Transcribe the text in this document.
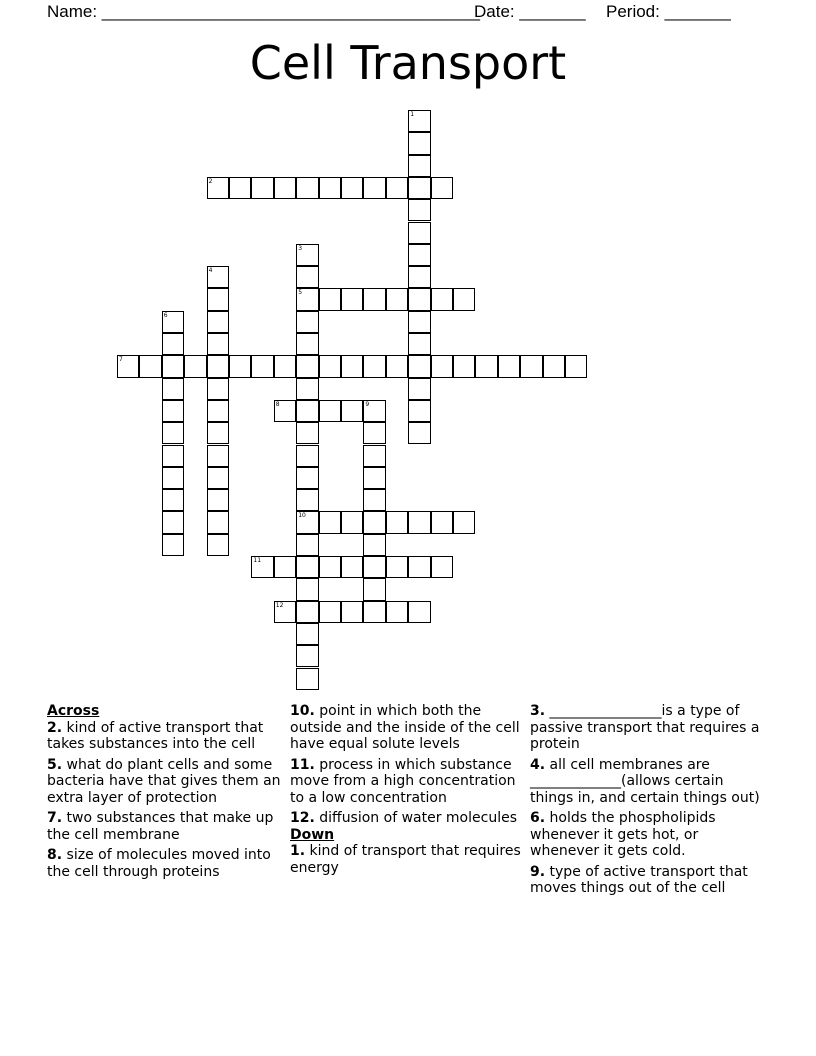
Name: ________________________________________
Date: _______ Period: _______
Cell Transport
1
2
3
5
10
4
6
7
8	9
11
12
Across
2. kind of active transport that takes substances into the cell
5. what do plant cells and some bacteria have that gives them an extra layer of protection
7. two substances that make up the cell membrane
8. size of molecules moved into the cell through proteins
10. point in which both the outside and the inside of the cell have equal solute levels
11. process in which substance move from a high concentration to a low concentration
12. diffusion of water molecules
Down
1. kind of transport that requires energy
3. ________________is a type of passive transport that requires a protein
4. all cell membranes are _____________(allows certain things in, and certain things out)
6. holds the phospholipids whenever it gets hot, or whenever it gets cold.
9. type of active transport that moves things out of the cell
